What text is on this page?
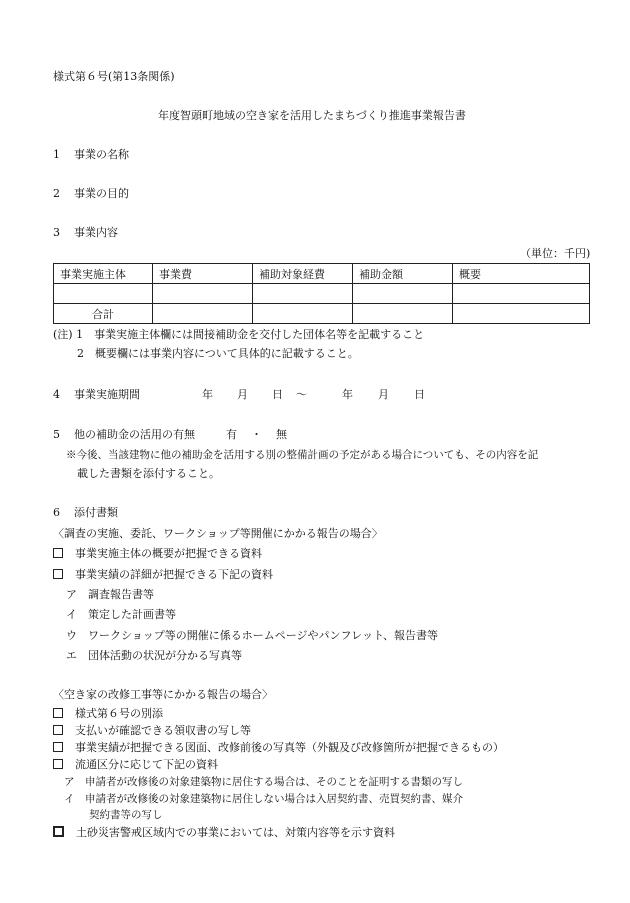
様式第６号(第13条関係)
年度智頭町地域の空き家を活用したまちづくり推進事業報告書
1 事業の名称
2 事業の目的
3 事業内容
（単位：千円)
事業実施主体	事業費	補助対象経費	補助金額	概要

合計				
(注) 1　事業実施主体欄には間接補助金を交付した団体名等を記載すること
2　概要欄には事業内容について具体的に記載すること。
4 事業実施期間	年 月 日 ～	年 月 日
5 他の補助金の活用の有無	有 ・ 無
※今後、当該建物に他の補助金を活用する別の整備計画の予定がある場合についても、その内容を記
載した書類を添付すること。
6 添付書類
〈調査の実施、委託、ワークショップ等開催にかかる報告の場合〉
事業実施主体の概要が把握できる資料
事業実績の詳細が把握できる下記の資料
ア　調査報告書等
イ　策定した計画書等
ウ　ワークショップ等の開催に係るホームページやパンフレット、報告書等
エ　団体活動の状況が分かる写真等
〈空き家の改修工事等にかかる報告の場合〉
様式第６号の別添
支払いが確認できる領収書の写し等
事業実績が把握できる図面、改修前後の写真等（外観及び改修箇所が把握できるもの）
流通区分に応じて下記の資料
ア　申請者が改修後の対象建築物に居住する場合は、そのことを証明する書類の写し
イ　申請者が改修後の対象建築物に居住しない場合は入居契約書、売買契約書、媒介
契約書等の写し
土砂災害警戒区域内での事業においては、対策内容等を示す資料
